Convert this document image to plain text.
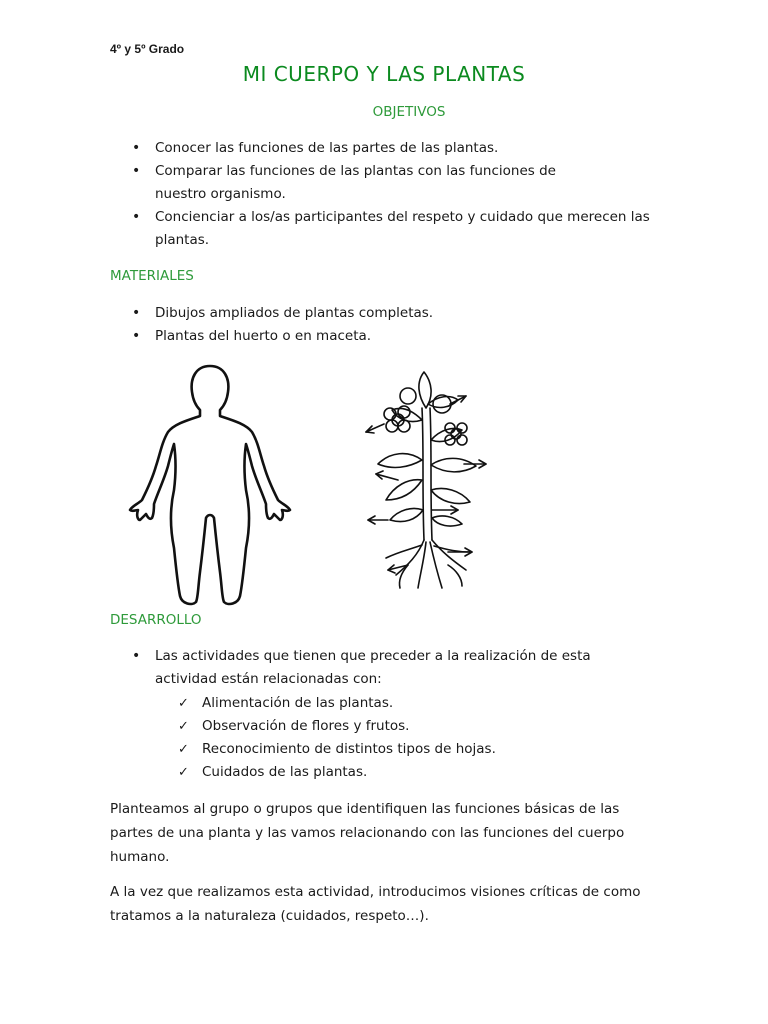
4º y 5º Grado
MI CUERPO Y LAS PLANTAS
OBJETIVOS
• Conocer las funciones de las partes de las plantas.
• Comparar las funciones de las plantas con las funciones de nuestro organismo.
• Concienciar a los/as participantes del respeto y cuidado que merecen las plantas.
MATERIALES
• Dibujos ampliados de plantas completas.
• Plantas del huerto o en maceta.
DESARROLLO
• Las actividades que tienen que preceder a la realización de esta actividad están relacionadas con:
✓ Alimentación de las plantas.
✓ Observación de flores y frutos.
✓ Reconocimiento de distintos tipos de hojas.
✓ Cuidados de las plantas.

Planteamos al grupo o grupos que identifiquen las funciones básicas de las partes de una planta y las vamos relacionando con las funciones del cuerpo humano.

A la vez que realizamos esta actividad, introducimos visiones críticas de como tratamos a la naturaleza (cuidados, respeto…).
